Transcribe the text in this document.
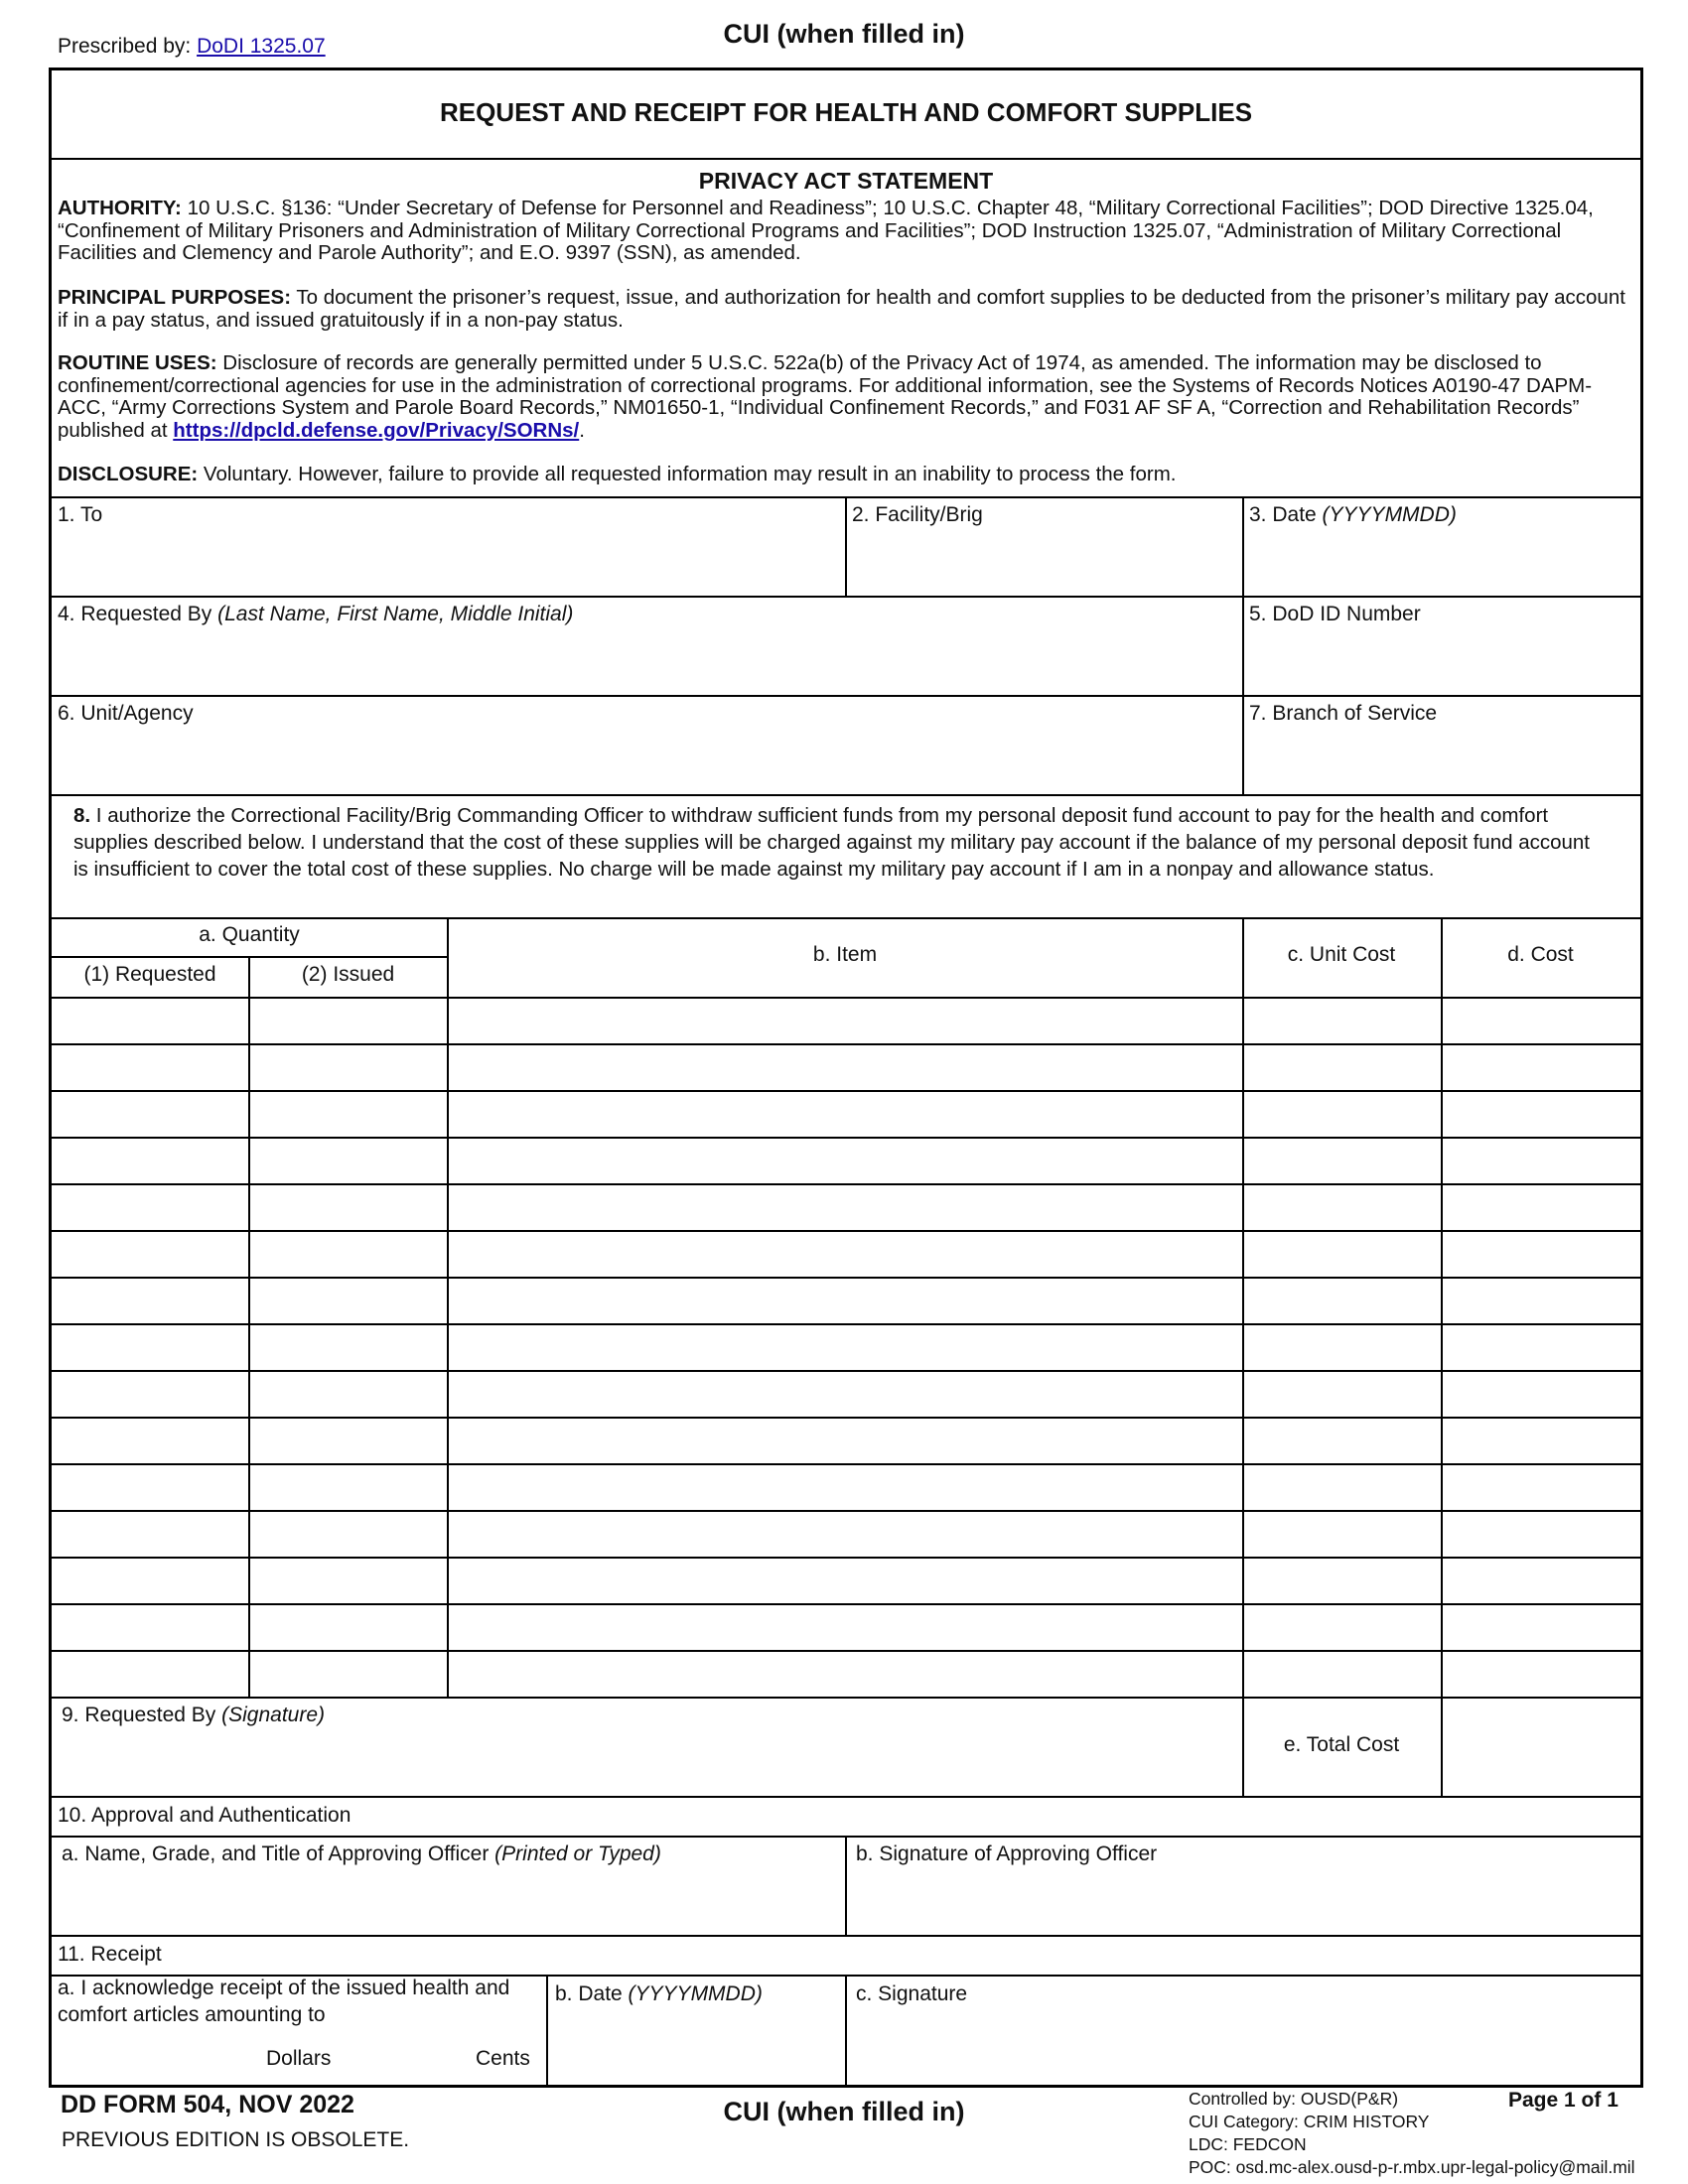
Prescribed by: DoDI 1325.07	CUI (when filled in)
REQUEST AND RECEIPT FOR HEALTH AND COMFORT SUPPLIES
PRIVACY ACT STATEMENT
AUTHORITY: 10 U.S.C. §136: “Under Secretary of Defense for Personnel and Readiness”; 10 U.S.C. Chapter 48, “Military Correctional Facilities”; DOD Directive 1325.04, “Confinement of Military Prisoners and Administration of Military Correctional Programs and Facilities”; DOD Instruction 1325.07, “Administration of Military Correctional Facilities and Clemency and Parole Authority”; and E.O. 9397 (SSN), as amended.
PRINCIPAL PURPOSES: To document the prisoner’s request, issue, and authorization for health and comfort supplies to be deducted from the prisoner’s military pay account if in a pay status, and issued gratuitously if in a non-pay status.
ROUTINE USES: Disclosure of records are generally permitted under 5 U.S.C. 522a(b) of the Privacy Act of 1974, as amended. The information may be disclosed to confinement/correctional agencies for use in the administration of correctional programs. For additional information, see the Systems of Records Notices A0190-47 DAPM-ACC, “Army Corrections System and Parole Board Records,” NM01650-1, “Individual Confinement Records,” and F031 AF SF A, “Correction and Rehabilitation Records” published at https://dpcld.defense.gov/Privacy/SORNs/.
DISCLOSURE: Voluntary. However, failure to provide all requested information may result in an inability to process the form.
1. To	2. Facility/Brig	3. Date (YYYYMMDD)
4. Requested By (Last Name, First Name, Middle Initial)	5. DoD ID Number
6. Unit/Agency	7. Branch of Service
8. I authorize the Correctional Facility/Brig Commanding Officer to withdraw sufficient funds from my personal deposit fund account to pay for the health and comfort supplies described below. I understand that the cost of these supplies will be charged against my military pay account if the balance of my personal deposit fund account is insufficient to cover the total cost of these supplies. No charge will be made against my military pay account if I am in a nonpay and allowance status.
a. Quantity
(1) Requested	(2) Issued
b. Item	c. Unit Cost	d. Cost
9. Requested By (Signature)
e. Total Cost
10. Approval and Authentication
a. Name, Grade, and Title of Approving Officer (Printed or Typed)	b. Signature of Approving Officer
11. Receipt
a. I acknowledge receipt of the issued health and
comfort articles amounting to
Dollars	Cents
b. Date (YYYYMMDD)	c. Signature
DD FORM 504, NOV 2022
PREVIOUS EDITION IS OBSOLETE.
CUI (when filled in)	Controlled by: OUSD(P&R)
CUI Category: CRIM HISTORY
LDC: FEDCON
POC: osd.mc-alex.ousd-p-r.mbx.upr-legal-policy@mail.mil
Page 1 of 1
